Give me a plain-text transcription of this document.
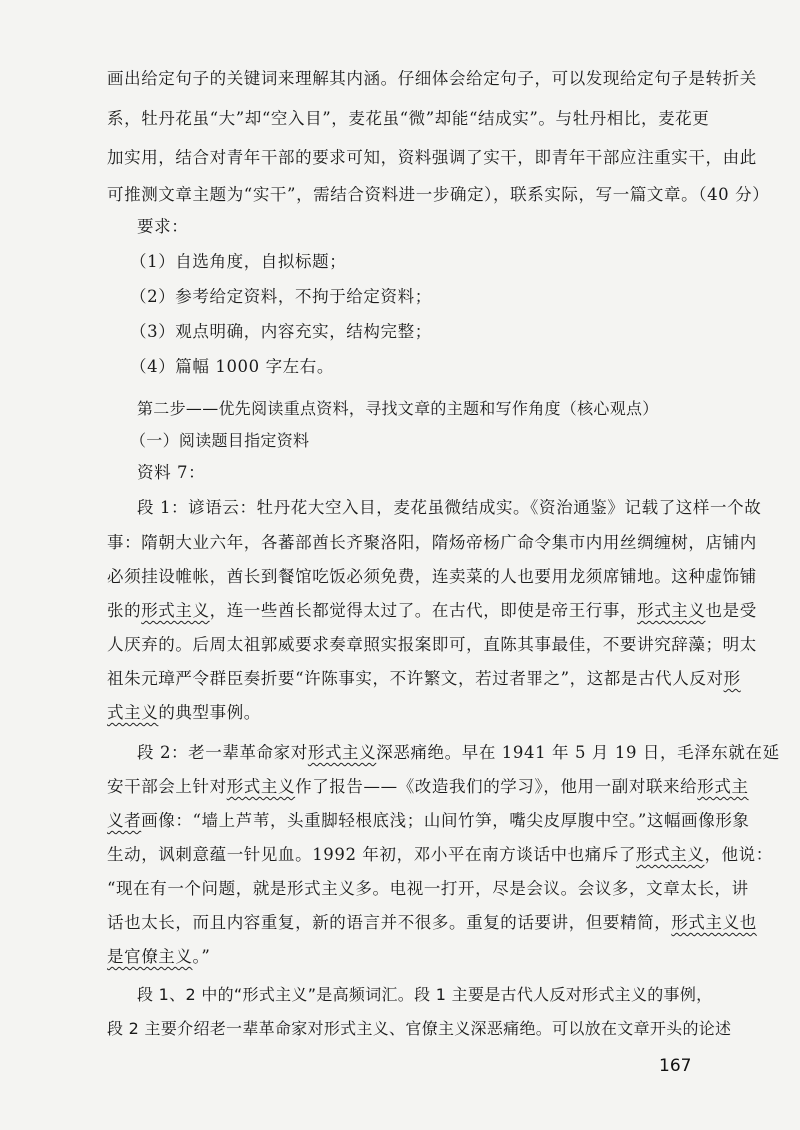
画出给定句子的关键词来理解其内涵。仔细体会给定句子，可以发现给定句子是转折关
系，牡丹花虽“大”却“空入目”，麦花虽“微”却能“结成实”。与牡丹相比，麦花更
加实用，结合对青年干部的要求可知，资料强调了实干，即青年干部应注重实干，由此
可推测文章主题为“实干”，需结合资料进一步确定），联系实际，写一篇文章。（40 分）
要求：
（1）自选角度，自拟标题；
（2）参考给定资料，不拘于给定资料；
（3）观点明确，内容充实，结构完整；
（4）篇幅 1000 字左右。
第二步——优先阅读重点资料，寻找文章的主题和写作角度（核心观点）
（一）阅读题目指定资料
资料 7：
段 1：谚语云：牡丹花大空入目，麦花虽微结成实。《资治通鉴》记载了这样一个故
事：隋朝大业六年，各蕃部酋长齐聚洛阳，隋炀帝杨广命令集市内用丝绸缠树，店铺内
必须挂设帷帐，酋长到餐馆吃饭必须免费，连卖菜的人也要用龙须席铺地。这种虚饰铺
张的形式主义，连一些酋长都觉得太过了。在古代，即使是帝王行事，形式主义也是受
人厌弃的。后周太祖郭威要求奏章照实报案即可，直陈其事最佳，不要讲究辞藻；明太
祖朱元璋严令群臣奏折要“许陈事实，不许繁文，若过者罪之”，这都是古代人反对形
式主义的典型事例。
段 2：老一辈革命家对形式主义深恶痛绝。早在 1941 年 5 月 19 日，毛泽东就在延
安干部会上针对形式主义作了报告——《改造我们的学习》，他用一副对联来给形式主
义者画像：“墙上芦苇，头重脚轻根底浅；山间竹笋，嘴尖皮厚腹中空。”这幅画像形象
生动，讽刺意蕴一针见血。1992 年初，邓小平在南方谈话中也痛斥了形式主义，他说：
“现在有一个问题，就是形式主义多。电视一打开，尽是会议。会议多，文章太长，讲
话也太长，而且内容重复，新的语言并不很多。重复的话要讲，但要精简，形式主义也
是官僚主义。”
段 1、2 中的“形式主义”是高频词汇。段 1 主要是古代人反对形式主义的事例，
段 2 主要介绍老一辈革命家对形式主义、官僚主义深恶痛绝。可以放在文章开头的论述
167
